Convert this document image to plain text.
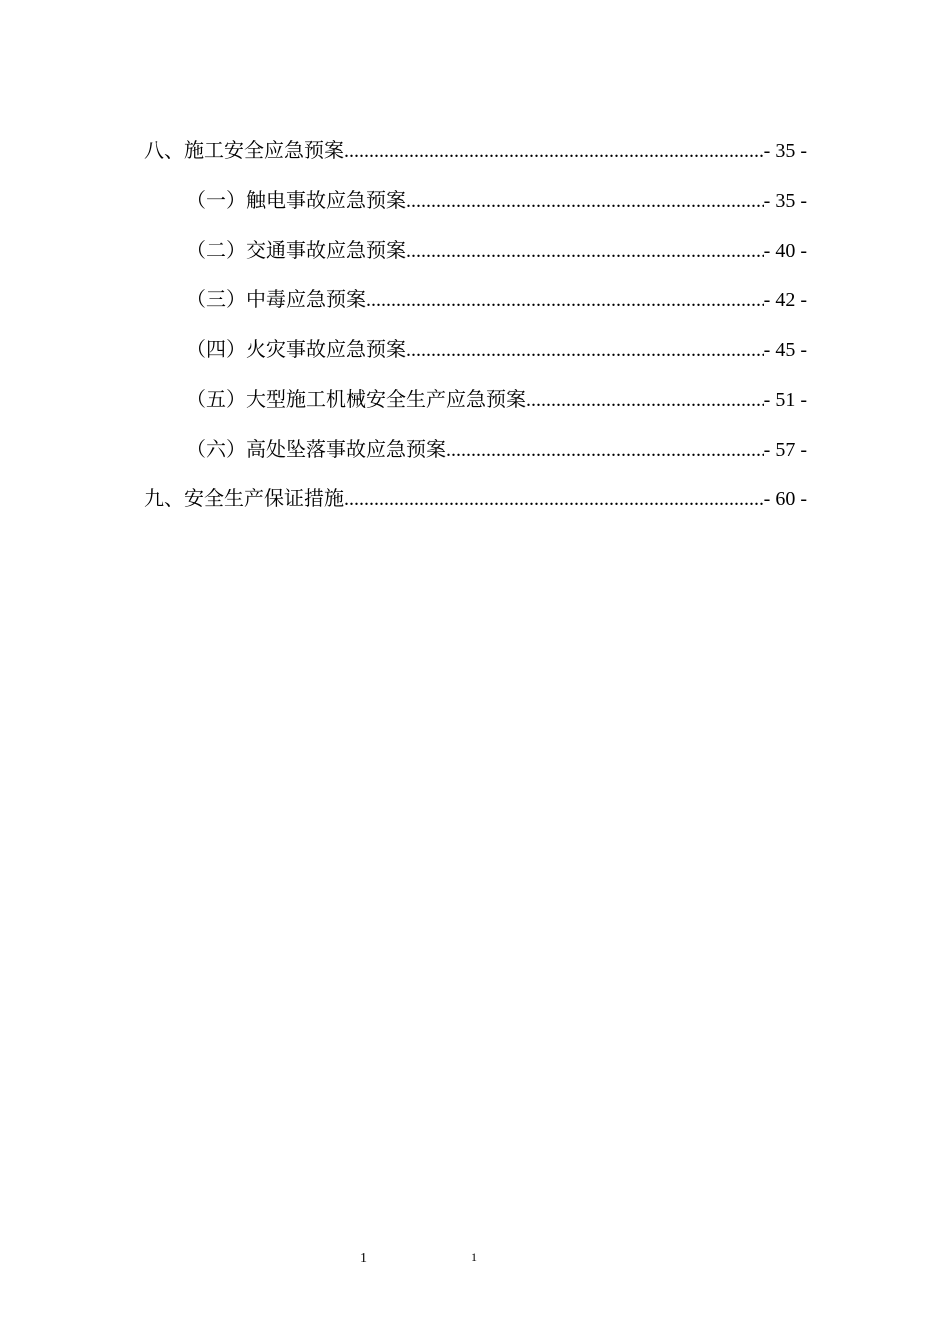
八、施工安全应急预案 .....	- 35 -
（一）触电事故应急预案 .....	- 35 -
（二）交通事故应急预案 .....	- 40 -
（三）中毒应急预案 .....	- 42 -
（四）火灾事故应急预案 .....	- 45 -
（五）大型施工机械安全生产应急预案 .....	- 51 -
（六）高处坠落事故应急预案 .....	- 57 -
九、安全生产保证措施 .....	- 60 -
1	1
